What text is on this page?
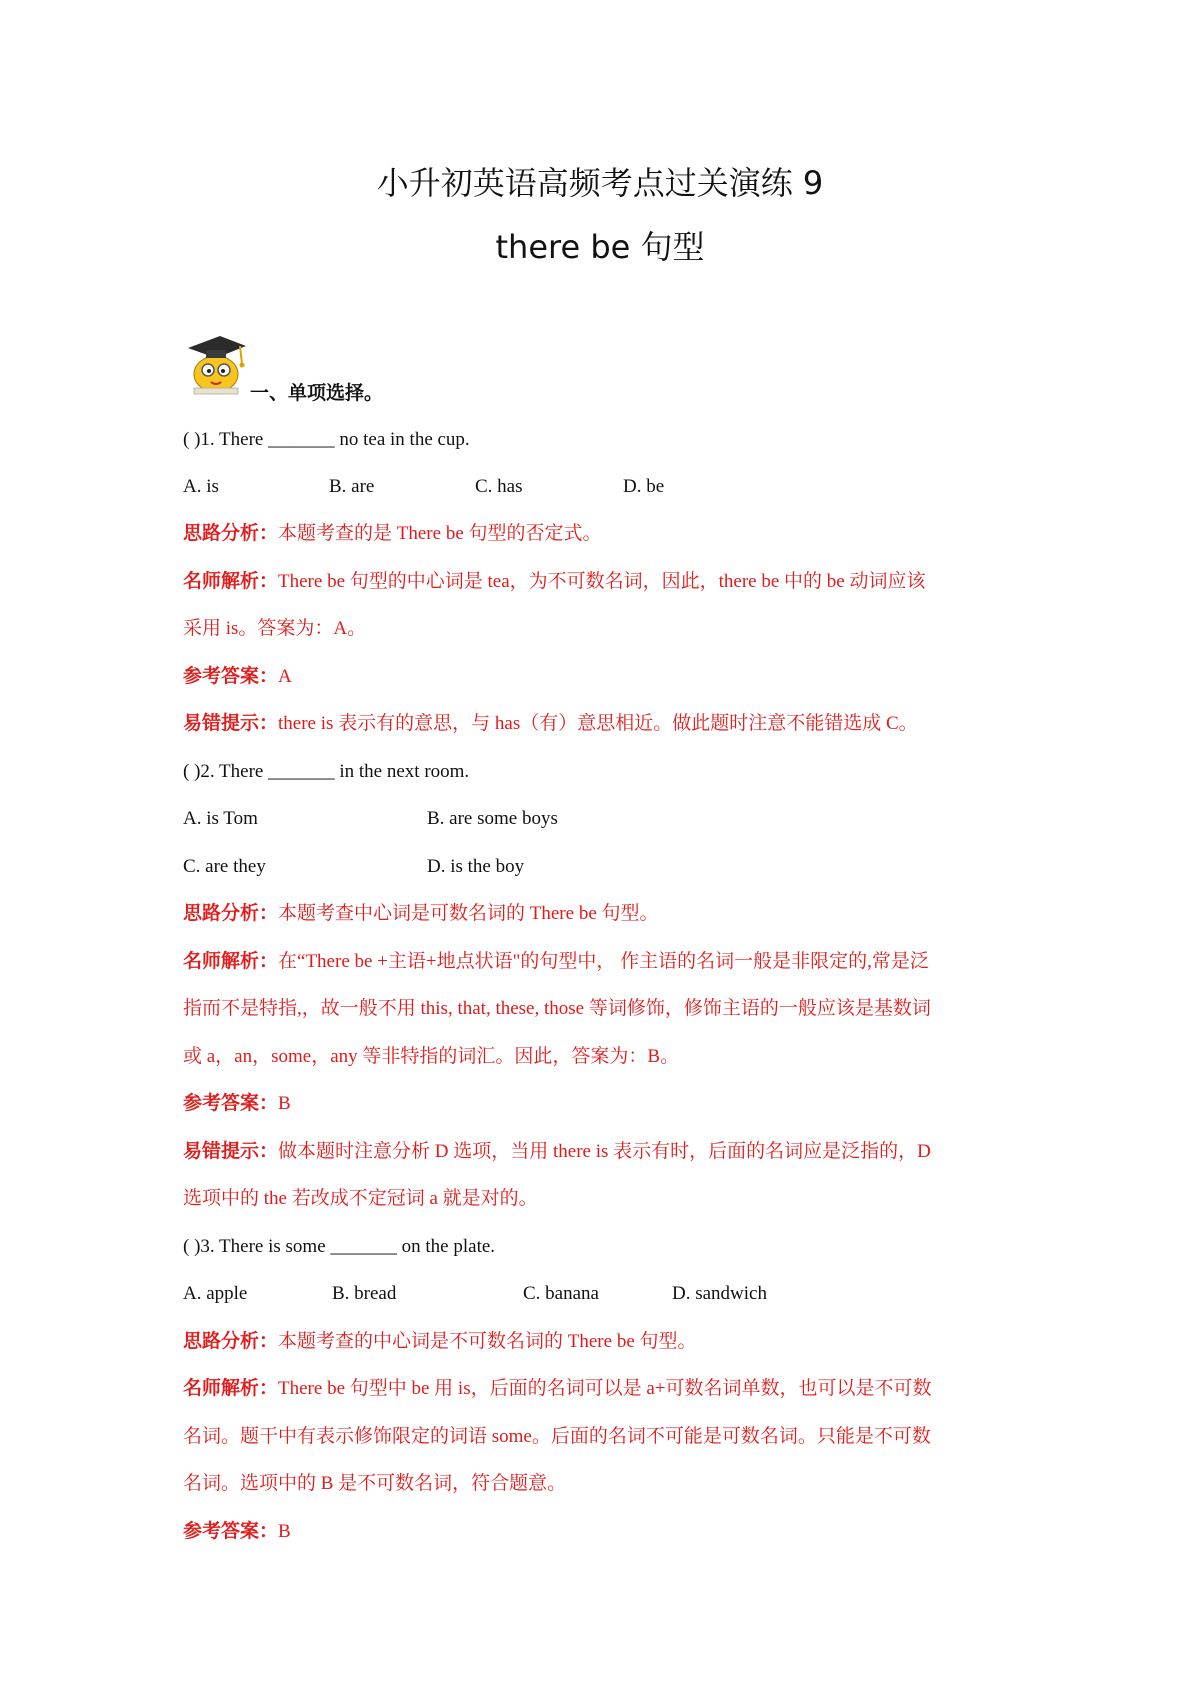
小升初英语高频考点过关演练 9
there be 句型
一、单项选择。
( )1. There _______ no tea in the cup.
A. is	B. are	C. has	D. be
思路分析：本题考查的是 There be 句型的否定式。
名师解析：There be 句型的中心词是 tea，为不可数名词，因此，there be 中的 be 动词应该
采用 is。答案为：A。
参考答案：A
易错提示：there is 表示有的意思，与 has（有）意思相近。做此题时注意不能错选成 C。
( )2. There _______ in the next room.
A. is Tom	B. are some boys
C. are they	D. is the boy
思路分析：本题考查中心词是可数名词的 There be 句型。
名师解析：在“There be +主语+地点状语"的句型中， 作主语的名词一般是非限定的,常是泛
指而不是特指,，故一般不用 this, that, these, those 等词修饰，修饰主语的一般应该是基数词
或 a，an，some，any 等非特指的词汇。因此，答案为：B。
参考答案：B
易错提示：做本题时注意分析 D 选项，当用 there is 表示有时，后面的名词应是泛指的，D
选项中的 the 若改成不定冠词 a 就是对的。
( )3. There is some _______ on the plate.
A. apple	B. bread	C. banana	D. sandwich
思路分析：本题考查的中心词是不可数名词的 There be 句型。
名师解析：There be 句型中 be 用 is，后面的名词可以是 a+可数名词单数，也可以是不可数
名词。题干中有表示修饰限定的词语 some。后面的名词不可能是可数名词。只能是不可数
名词。选项中的 B 是不可数名词，符合题意。
参考答案：B
